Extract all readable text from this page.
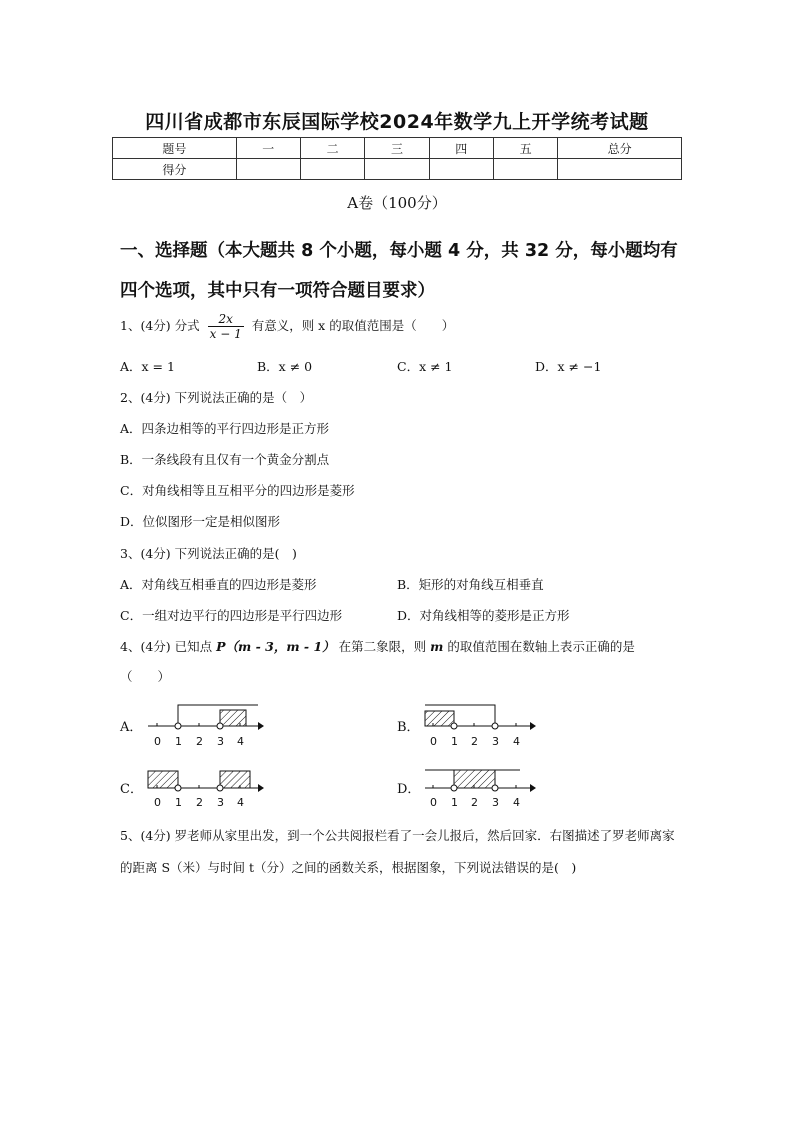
四川省成都市东辰国际学校2024年数学九上开学统考试题
题号	一	二	三	四	五	总分
得分						
A卷（100分）
一、选择题（本大题共 8 个小题，每小题 4 分，共 32 分，每小题均有四个选项，其中只有一项符合题目要求）
1、(4分) 分式 $\frac{2x}{x - 1}$ 有意义，则 x 的取值范围是（　　）
A．x = 1	B．x ≠ 0	C．x ≠ 1	D．x ≠ −1
2、(4分) 下列说法正确的是（　）
A．四条边相等的平行四边形是正方形
B．一条线段有且仅有一个黄金分割点
C．对角线相等且互相平分的四边形是菱形
D．位似图形一定是相似图形
3、(4分) 下列说法正确的是(　)
A．对角线互相垂直的四边形是菱形	B．矩形的对角线互相垂直
C．一组对边平行的四边形是平行四边形	D．对角线相等的菱形是正方形
4、(4分) 已知点 P（m - 3，m - 1） 在第二象限，则 m 的取值范围在数轴上表示正确的是
（　　）
A．	B．
C．	D．
0 1 2 3 4	0 1 2 3 4
0 1 2 3 4	0 1 2 3 4
5、(4分) 罗老师从家里出发，到一个公共阅报栏看了一会儿报后，然后回家．右图描述了罗老师离家的距离 S（米）与时间 t（分）之间的函数关系，根据图象，下列说法错误的是(　)
